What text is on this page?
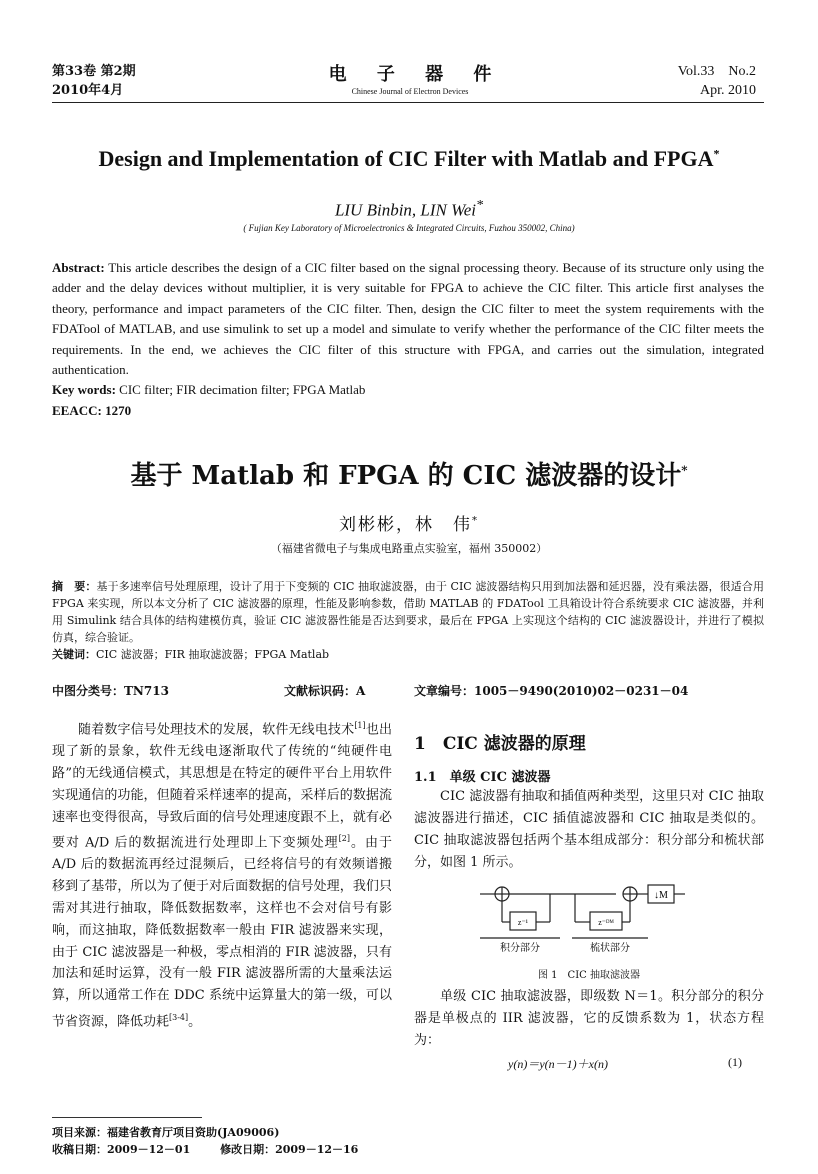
第33卷 第2期
2010年4月
电 子 器 件
Chinese Journal of Electron Devices
Vol.33　No.2
Apr. 2010
Design and Implementation of CIC Filter with Matlab and FPGA*
LIU Binbin, LIN Wei*
( Fujian Key Laboratory of Microelectronics & Integrated Circuits, Fuzhou 350002, China)
Abstract: This article describes the design of a CIC filter based on the signal processing theory. Because of its structure only using the adder and the delay devices without multiplier, it is very suitable for FPGA to achieve the CIC filter. This article first analyses the theory, performance and impact parameters of the CIC filter. Then, design the CIC filter to meet the system requirements with the FDATool of MATLAB, and use simulink to set up a model and simulate to verify whether the performance of the CIC filter meets the requirements. In the end, we achieves the CIC filter of this structure with FPGA, and carries out the simulation, integrated authentication.
Key words: CIC filter; FIR decimation filter; FPGA Matlab
EEACC: 1270
基于 Matlab 和 FPGA 的 CIC 滤波器的设计*
刘彬彬，林　伟*
（福建省微电子与集成电路重点实验室，福州 350002）
摘　要：基于多速率信号处理原理，设计了用于下变频的 CIC 抽取滤波器，由于 CIC 滤波器结构只用到加法器和延迟器，没有乘法器，很适合用 FPGA 来实现，所以本文分析了 CIC 滤波器的原理，性能及影响参数，借助 MATLAB 的 FDATool 工具箱设计符合系统要求 CIC 滤波器，并利用 Simulink 结合具体的结构建模仿真，验证 CIC 滤波器性能是否达到要求，最后在 FPGA 上实现这个结构的 CIC 滤波器设计，并进行了模拟仿真，综合验证。
关键词：CIC 滤波器；FIR 抽取滤波器；FPGA Matlab
中图分类号：TN713	文献标识码：A	文章编号：1005－9490(2010)02－0231－04
随着数字信号处理技术的发展，软件无线电技术[1]也出现了新的景象，软件无线电逐渐取代了传统的“纯硬件电路”的无线通信模式，其思想是在特定的硬件平台上用软件实现通信的功能，但随着采样速率的提高，采样后的数据流速率也变得很高，导致后面的信号处理速度跟不上，就有必要对 A/D 后的数据流进行处理即上下变频处理[2]。由于 A/D 后的数据流再经过混频后，已经将信号的有效频谱搬移到了基带，所以为了便于对后面数据的信号处理，我们只需对其进行抽取，降低数据数率，这样也不会对信号有影响，而这抽取，降低数据数率一般由 FIR 滤波器来实现，由于 CIC 滤波器是一种极，零点相消的 FIR 滤波器，只有加法和延时运算，没有一般 FIR 滤波器所需的大量乘法运算，所以通常工作在 DDC 系统中运算量大的第一级，可以节省资源，降低功耗[3-4]。
1　CIC 滤波器的原理
1.1　单级 CIC 滤波器
CIC 滤波器有抽取和插值两种类型，这里只对 CIC 抽取滤波器进行描述，CIC 插值滤波器和 CIC 抽取是类似的。CIC 抽取滤波器包括两个基本组成部分：积分部分和梳状部分，如图 1 所示。
z⁻¹	z⁻ᴰᴹ
↓M
积分部分	梳状部分
图 1　CIC 抽取滤波器
单级 CIC 抽取滤波器，即级数 N＝1。积分部分的积分器是单极点的 IIR 滤波器，它的反馈系数为 1，状态方程为：
y(n)＝y(n－1)＋x(n)	(1)
项目来源：福建省教育厅项目资助(JA09006)
收稿日期：2009－12－01	修改日期：2009－12－16
